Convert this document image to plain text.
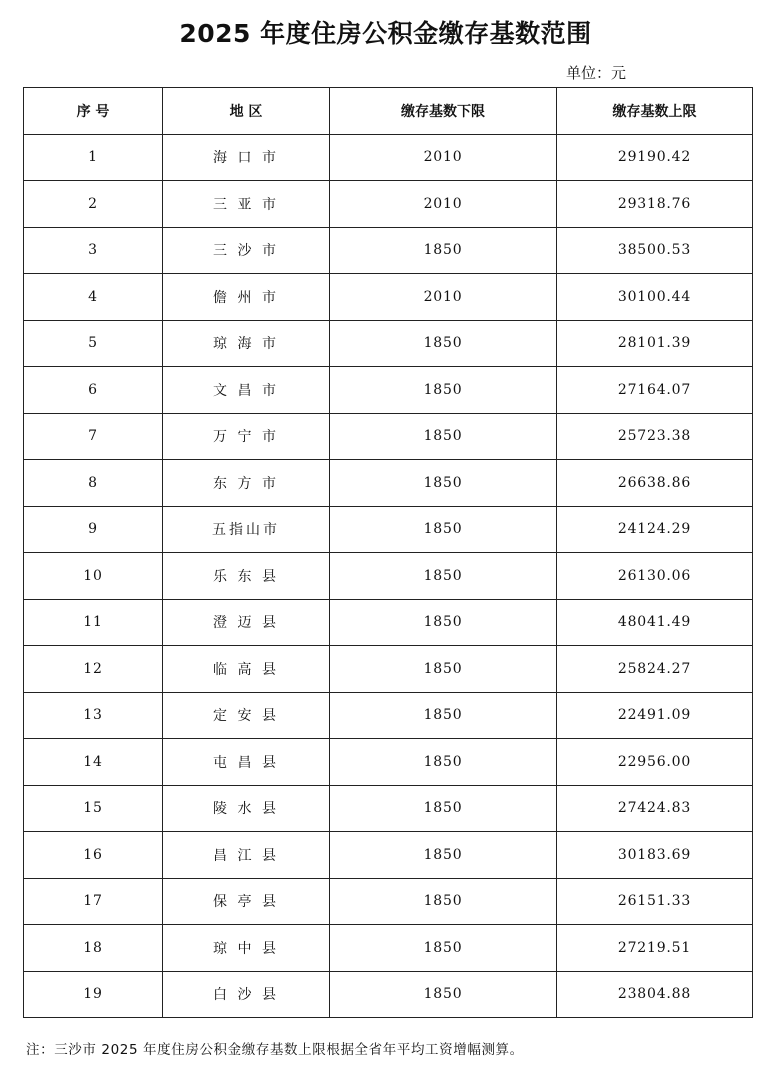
2025 年度住房公积金缴存基数范围
单位：元
序 号	地 区	缴存基数下限	缴存基数上限
1	海 口 市	2010	29190.42
2	三 亚 市	2010	29318.76
3	三 沙 市	1850	38500.53
4	儋 州 市	2010	30100.44
5	琼 海 市	1850	28101.39
6	文 昌 市	1850	27164.07
7	万 宁 市	1850	25723.38
8	东 方 市	1850	26638.86
9	五指山市	1850	24124.29
10	乐 东 县	1850	26130.06
11	澄 迈 县	1850	48041.49
12	临 高 县	1850	25824.27
13	定 安 县	1850	22491.09
14	屯 昌 县	1850	22956.00
15	陵 水 县	1850	27424.83
16	昌 江 县	1850	30183.69
17	保 亭 县	1850	26151.33
18	琼 中 县	1850	27219.51
19	白 沙 县	1850	23804.88
注：三沙市 2025 年度住房公积金缴存基数上限根据全省年平均工资增幅测算。
